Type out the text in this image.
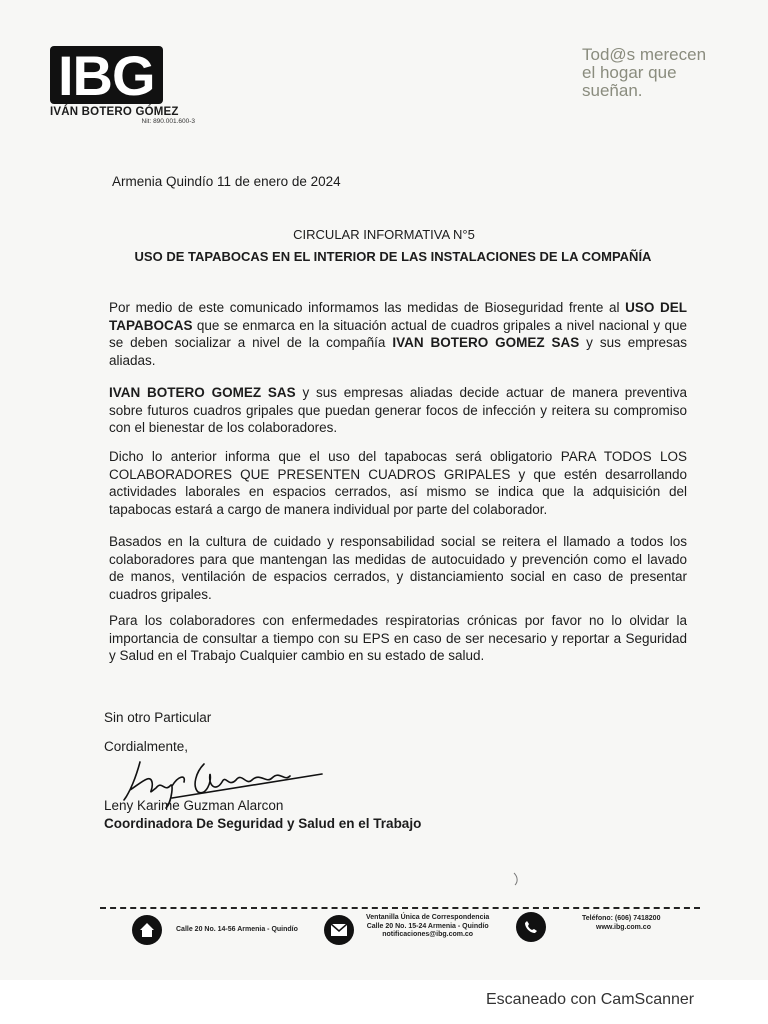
IBG
IVÁN BOTERO GÓMEZ
Nit: 890.001.600-3
Tod@s merecen
el hogar que
sueñan.
Armenia Quindío 11 de enero de 2024
CIRCULAR INFORMATIVA N°5
USO DE TAPABOCAS EN EL INTERIOR DE LAS INSTALACIONES DE LA COMPAÑÍA
Por medio de este comunicado informamos las medidas de Bioseguridad frente al USO DEL TAPABOCAS que se enmarca en la situación actual de cuadros gripales a nivel nacional y que se deben socializar a nivel de la compañía IVAN BOTERO GOMEZ SAS y sus empresas aliadas.
IVAN BOTERO GOMEZ SAS y sus empresas aliadas decide actuar de manera preventiva sobre futuros cuadros gripales que puedan generar focos de infección y reitera su compromiso con el bienestar de los colaboradores.
Dicho lo anterior informa que el uso del tapabocas será obligatorio PARA TODOS LOS COLABORADORES QUE PRESENTEN CUADROS GRIPALES y que estén desarrollando actividades laborales en espacios cerrados, así mismo se indica que la adquisición del tapabocas estará a cargo de manera individual por parte del colaborador.
Basados en la cultura de cuidado y responsabilidad social se reitera el llamado a todos los colaboradores para que mantengan las medidas de autocuidado y prevención como el lavado de manos, ventilación de espacios cerrados, y distanciamiento social en caso de presentar cuadros gripales.
Para los colaboradores con enfermedades respiratorias crónicas por favor no lo olvidar la importancia de consultar a tiempo con su EPS en caso de ser necesario y reportar a Seguridad y Salud en el Trabajo Cualquier cambio en su estado de salud.
Sin otro Particular
Cordialmente,
Leny Karime Guzman Alarcon
Coordinadora De Seguridad y Salud en el Trabajo
Calle 20 No. 14-56 Armenia - Quindío
Ventanilla Única de Correspondencia
Calle 20 No. 15-24 Armenia - Quindío
notificaciones@ibg.com.co
Teléfono: (606) 7418200
www.ibg.com.co
Escaneado con CamScanner
